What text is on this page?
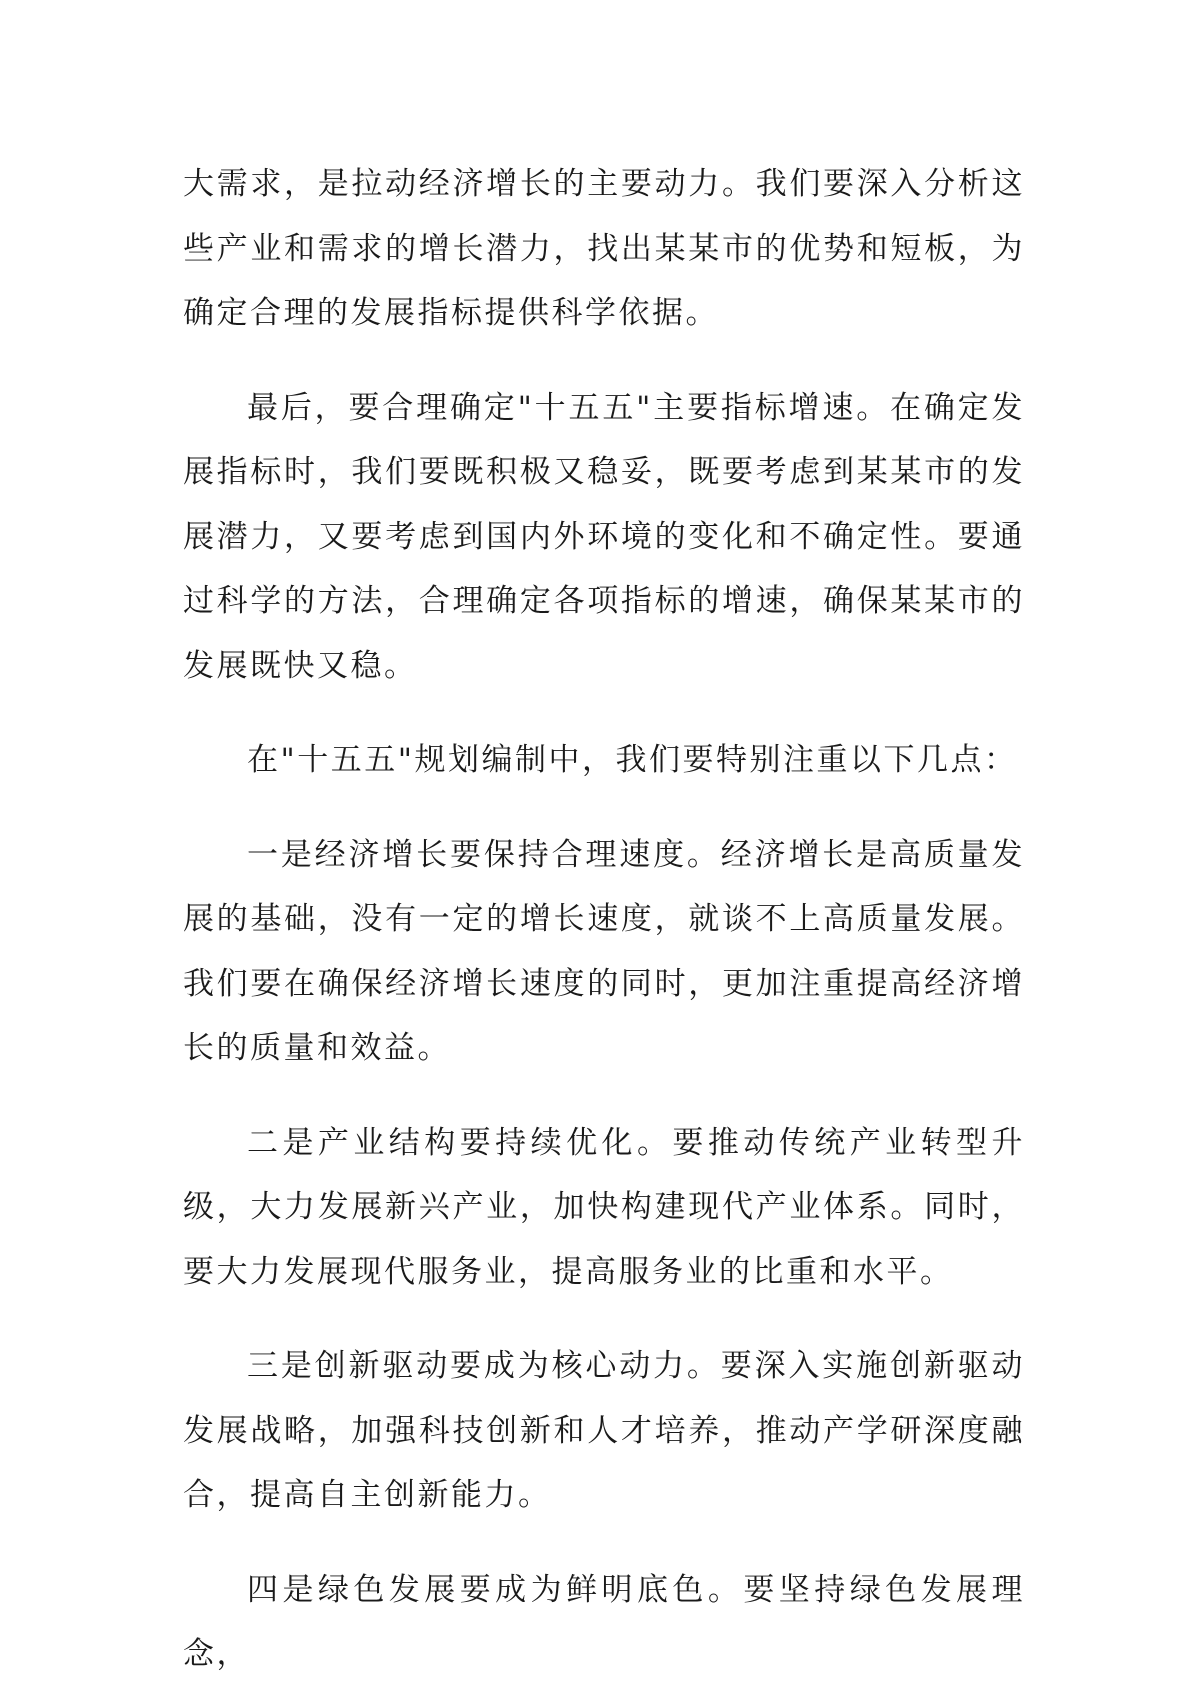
大需求，是拉动经济增长的主要动力。我们要深入分析这些产业和需求的增长潜力，找出某某市的优势和短板，为确定合理的发展指标提供科学依据。

最后，要合理确定"十五五"主要指标增速。在确定发展指标时，我们要既积极又稳妥，既要考虑到某某市的发展潜力，又要考虑到国内外环境的变化和不确定性。要通过科学的方法，合理确定各项指标的增速，确保某某市的发展既快又稳。

在"十五五"规划编制中，我们要特别注重以下几点：

一是经济增长要保持合理速度。经济增长是高质量发展的基础，没有一定的增长速度，就谈不上高质量发展。我们要在确保经济增长速度的同时，更加注重提高经济增长的质量和效益。

二是产业结构要持续优化。要推动传统产业转型升级，大力发展新兴产业，加快构建现代产业体系。同时，要大力发展现代服务业，提高服务业的比重和水平。

三是创新驱动要成为核心动力。要深入实施创新驱动发展战略，加强科技创新和人才培养，推动产学研深度融合，提高自主创新能力。

四是绿色发展要成为鲜明底色。要坚持绿色发展理念，
